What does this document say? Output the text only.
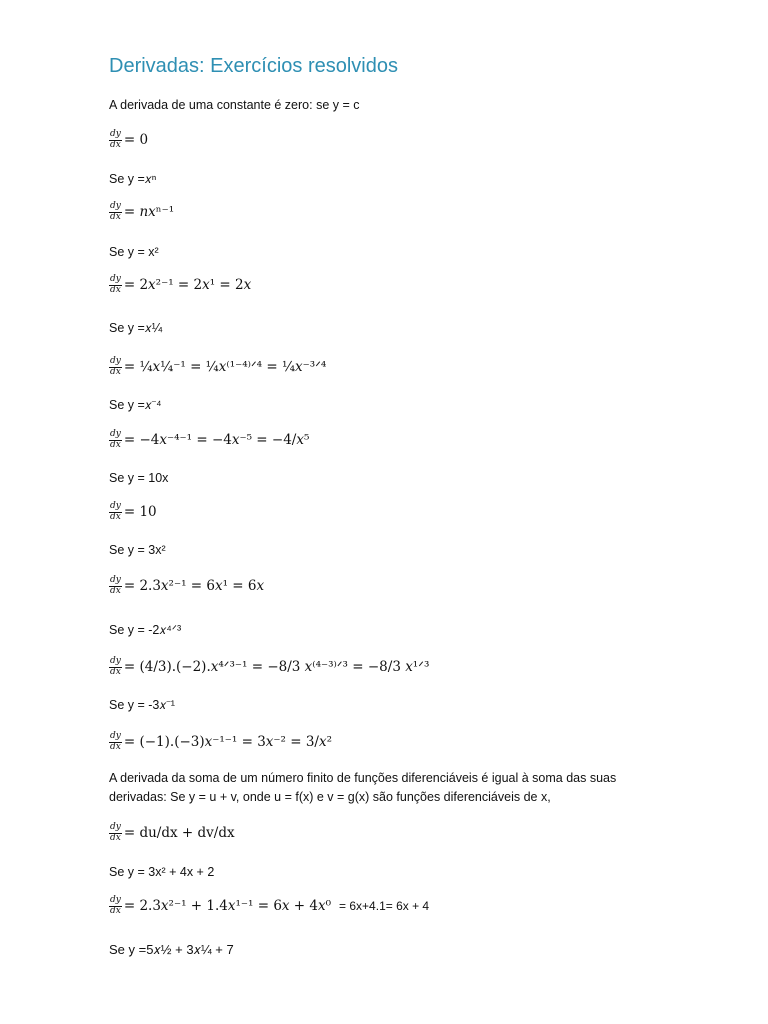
Derivadas: Exercícios resolvidos
A derivada de uma constante é zero: se y = c
$\frac{dy}{dx} = 0$
Se y =𝑥ⁿ
$\frac{dy}{dx}$ = 𝑛𝑥ⁿ⁻¹
Se y = x²
$\frac{dy}{dx}$ = 2𝑥²⁻¹ = 2𝑥¹ = 2𝑥
Se y =𝑥¼
$\frac{dy}{dx}$ = ¼𝑥¼⁻¹ = ¼𝑥⁽¹⁻⁴⁾ᐟ⁴ = ¼𝑥⁻³ᐟ⁴
Se y =𝑥⁻⁴
$\frac{dy}{dx}$ = −4𝑥⁻⁴⁻¹ = −4𝑥⁻⁵ = −4/𝑥⁵
Se y = 10x
$\frac{dy}{dx} = 10$
Se y = 3x²
$\frac{dy}{dx}$ = 2.3𝑥²⁻¹ = 6𝑥¹ = 6𝑥
Se y = -2𝑥⁴ᐟ³
$\frac{dy}{dx}$ = (4/3).(−2).𝑥⁴ᐟ³⁻¹ = −8/3 𝑥⁽⁴⁻³⁾ᐟ³ = −8/3 𝑥¹ᐟ³
Se y = -3𝑥⁻¹
$\frac{dy}{dx}$ = (−1).(−3)𝑥⁻¹⁻¹ = 3𝑥⁻² = 3/𝑥²
A derivada da soma de um número finito de funções diferenciáveis é igual à soma das suas derivadas: Se y = u + v, onde u = f(x) e v = g(x) são funções diferenciáveis de x,
$\frac{dy}{dx} = du/dx + dv/dx$
Se y = 3x² + 4x + 2
$\frac{dy}{dx}$ = 2.3𝑥²⁻¹ + 1.4𝑥¹⁻¹ = 6𝑥 + 4𝑥⁰ = 6x+4.1= 6x + 4
Se y =5𝑥½ + 3𝑥¼ + 7
